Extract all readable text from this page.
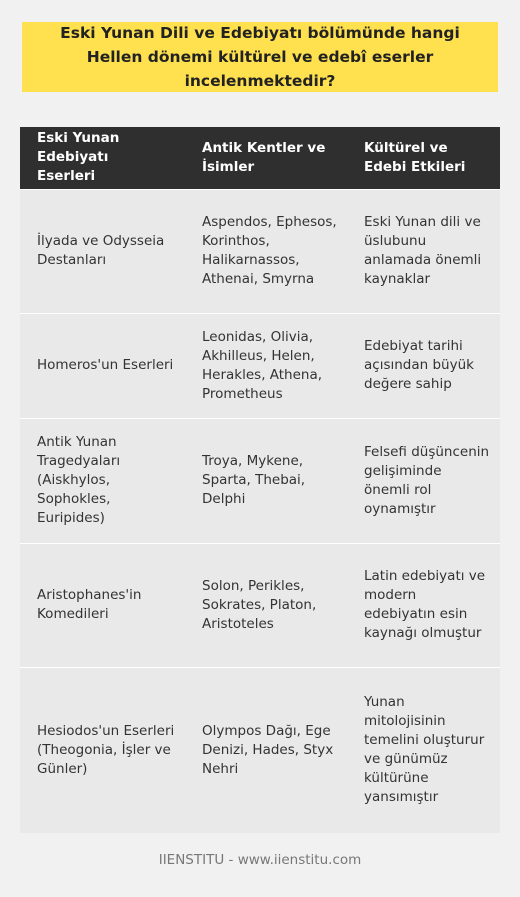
Eski Yunan Dili ve Edebiyatı bölümünde hangi Hellen dönemi kültürel ve edebî eserler incelenmektedir?
Eski Yunan Edebiyatı Eserleri	Antik Kentler ve İsimler	Kültürel ve Edebi Etkileri
İlyada ve Odysseia Destanları	Aspendos, Ephesos, Korinthos, Halikarnassos, Athenai, Smyrna	Eski Yunan dili ve üslubunu anlamada önemli kaynaklar
Homeros'un Eserleri	Leonidas, Olivia, Akhilleus, Helen, Herakles, Athena, Prometheus	Edebiyat tarihi açısından büyük değere sahip
Antik Yunan Tragedyaları (Aiskhylos, Sophokles, Euripides)	Troya, Mykene, Sparta, Thebai, Delphi	Felsefi düşüncenin gelişiminde önemli rol oynamıştır
Aristophanes'in Komedileri	Solon, Perikles, Sokrates, Platon, Aristoteles	Latin edebiyatı ve modern edebiyatın esin kaynağı olmuştur
Hesiodos'un Eserleri (Theogonia, İşler ve Günler)	Olympos Dağı, Ege Denizi, Hades, Styx Nehri	Yunan mitolojisinin temelini oluşturur ve günümüz kültürüne yansımıştır
IIENSTITU - www.iienstitu.com
